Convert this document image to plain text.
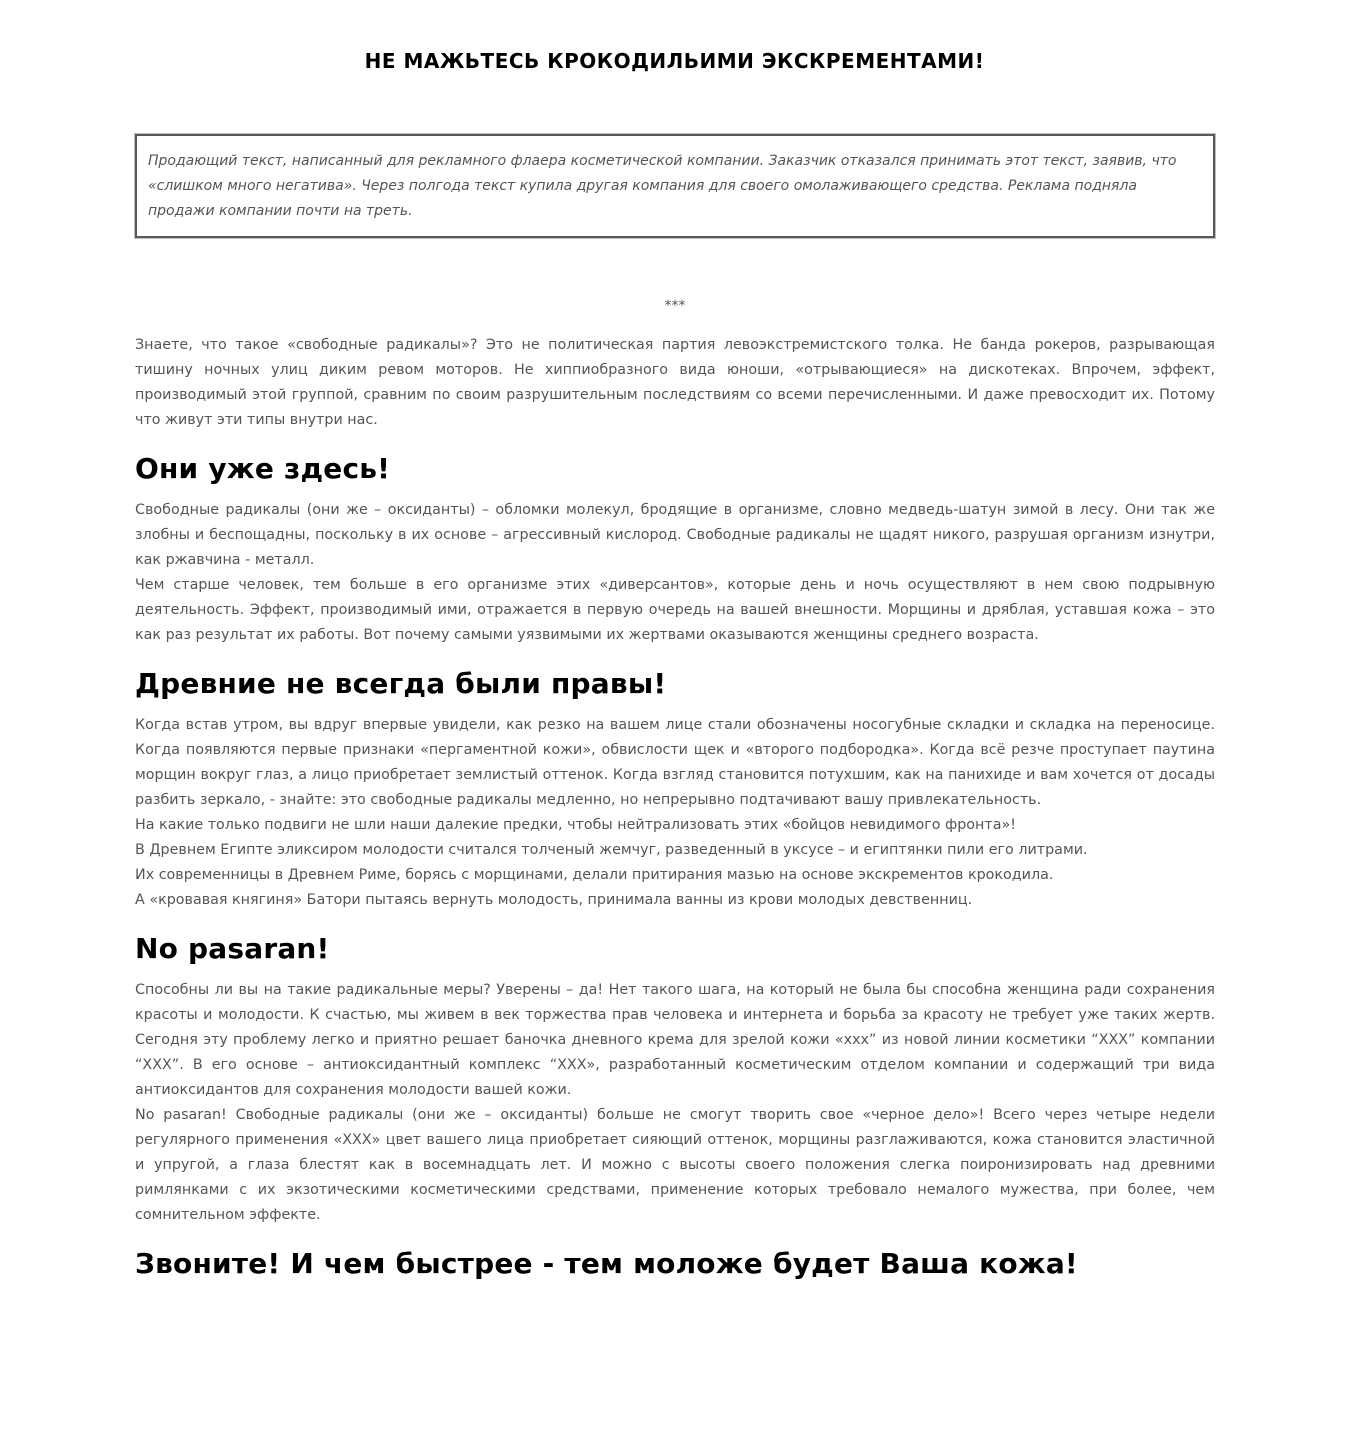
НЕ МАЖЬТЕСЬ КРОКОДИЛЬИМИ ЭКСКРЕМЕНТАМИ!
Продающий текст, написанный для рекламного флаера косметической компании. Заказчик отказался принимать этот текст, заявив, что «слишком много негатива». Через полгода текст купила другая компания для своего омолаживающего средства. Реклама подняла продажи компании почти на треть.
***

Знаете, что такое «свободные радикалы»? Это не политическая партия левоэкстремистского толка. Не банда рокеров, разрывающая тишину ночных улиц диким ревом моторов. Не хиппиобразного вида юноши, «отрывающиеся» на дискотеках. Впрочем, эффект, производимый этой группой, сравним по своим разрушительным последствиям со всеми перечисленными. И даже превосходит их. Потому что живут эти типы внутри нас.

Они уже здесь!

Свободные радикалы (они же – оксиданты) – обломки молекул, бродящие в организме, словно медведь-шатун зимой в лесу. Они так же злобны и беспощадны, поскольку в их основе – агрессивный кислород. Свободные радикалы не щадят никого, разрушая организм изнутри, как ржавчина - металл.

Чем старше человек, тем больше в его организме этих «диверсантов», которые день и ночь осуществляют в нем свою подрывную деятельность. Эффект, производимый ими, отражается в первую очередь на вашей внешности. Морщины и дряблая, уставшая кожа – это как раз результат их работы. Вот почему самыми уязвимыми их жертвами оказываются женщины среднего возраста.

Древние не всегда были правы!

Когда встав утром, вы вдруг впервые увидели, как резко на вашем лице стали обозначены носогубные складки и складка на переносице. Когда появляются первые признаки «пергаментной кожи», обвислости щек и «второго подбородка». Когда всё резче проступает паутина морщин вокруг глаз, а лицо приобретает землистый оттенок. Когда взгляд становится потухшим, как на панихиде и вам хочется от досады разбить зеркало, - знайте: это свободные радикалы медленно, но непрерывно подтачивают вашу привлекательность.

На какие только подвиги не шли наши далекие предки, чтобы нейтрализовать этих «бойцов невидимого фронта»!

В Древнем Египте эликсиром молодости считался толченый жемчуг, разведенный в уксусе – и египтянки пили его литрами.

Их современницы в Древнем Риме, борясь с морщинами, делали притирания мазью на основе экскрементов крокодила.

А «кровавая княгиня» Батори пытаясь вернуть молодость, принимала ванны из крови молодых девственниц.

No pasaran!

Способны ли вы на такие радикальные меры? Уверены – да! Нет такого шага, на который не была бы способна женщина ради сохранения красоты и молодости. К счастью, мы живем в век торжества прав человека и интернета и борьба за красоту не требует уже таких жертв. Сегодня эту проблему легко и приятно решает баночка дневного крема для зрелой кожи «ххх” из новой линии косметики “ХХХ” компании “ХХХ”. В его основе – антиоксидантный комплекс “ХХХ», разработанный косметическим отделом компании и содержащий три вида антиоксидантов для сохранения молодости вашей кожи.

No pasaran! Свободные радикалы (они же – оксиданты) больше не смогут творить свое «черное дело»! Всего через четыре недели регулярного применения «ХХХ» цвет вашего лица приобретает сияющий оттенок, морщины разглаживаются, кожа становится эластичной и упругой, а глаза блестят как в восемнадцать лет. И можно с высоты своего положения слегка поиронизировать над древними римлянками с их экзотическими косметическими средствами, применение которых требовало немалого мужества, при более, чем сомнительном эффекте.

Звоните! И чем быстрее - тем моложе будет Ваша кожа!
